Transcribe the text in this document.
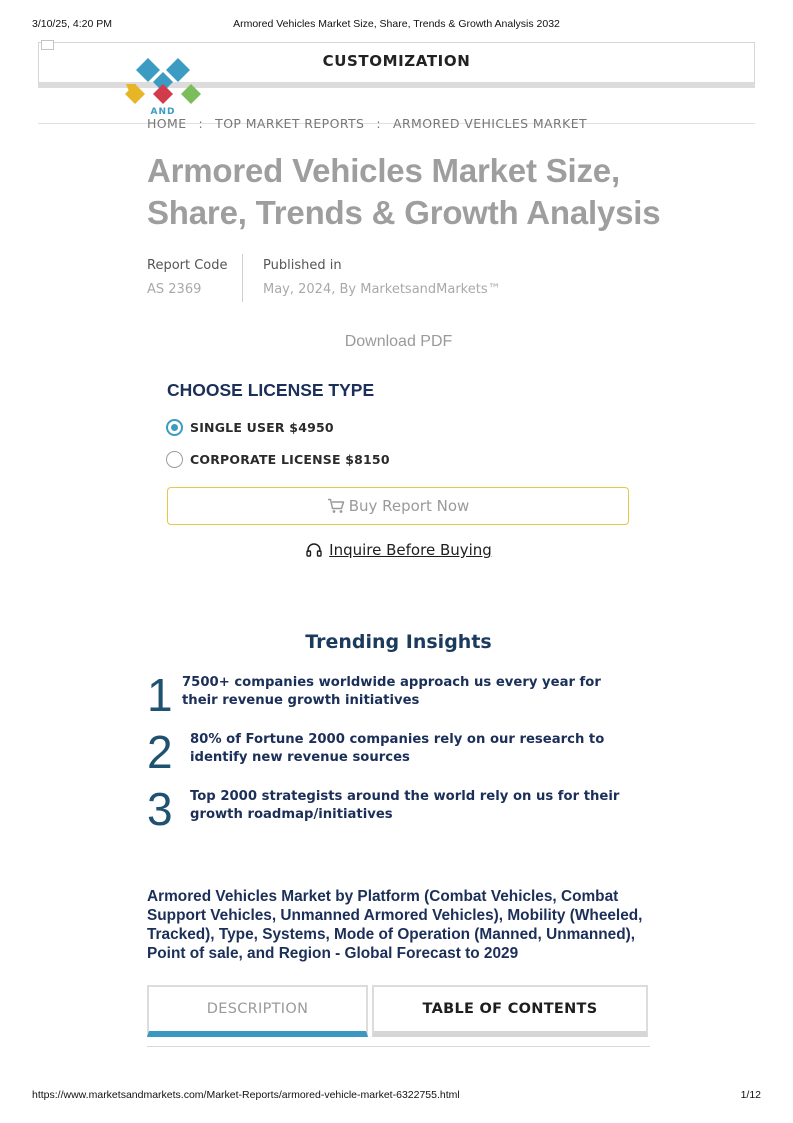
3/10/25, 4:20 PM	Armored Vehicles Market Size, Share, Trends & Growth Analysis 2032
CUSTOMIZATION
AND
HOME : TOP MARKET REPORTS : ARMORED VEHICLES MARKET
Armored Vehicles Market Size, Share, Trends & Growth Analysis
Report Code
AS 2369
Published in
May, 2024, By MarketsandMarkets™
Download PDF
CHOOSE LICENSE TYPE
SINGLE USER $4950
CORPORATE LICENSE $8150
Buy Report Now
Inquire Before Buying
Trending Insights
1 7500+ companies worldwide approach us every year for their revenue growth initiatives
2 80% of Fortune 2000 companies rely on our research to identify new revenue sources
3 Top 2000 strategists around the world rely on us for their growth roadmap/initiatives
Armored Vehicles Market by Platform (Combat Vehicles, Combat Support Vehicles, Unmanned Armored Vehicles), Mobility (Wheeled, Tracked), Type, Systems, Mode of Operation (Manned, Unmanned), Point of sale, and Region - Global Forecast to 2029
DESCRIPTION	TABLE OF CONTENTS
https://www.marketsandmarkets.com/Market-Reports/armored-vehicle-market-6322755.html	1/12
